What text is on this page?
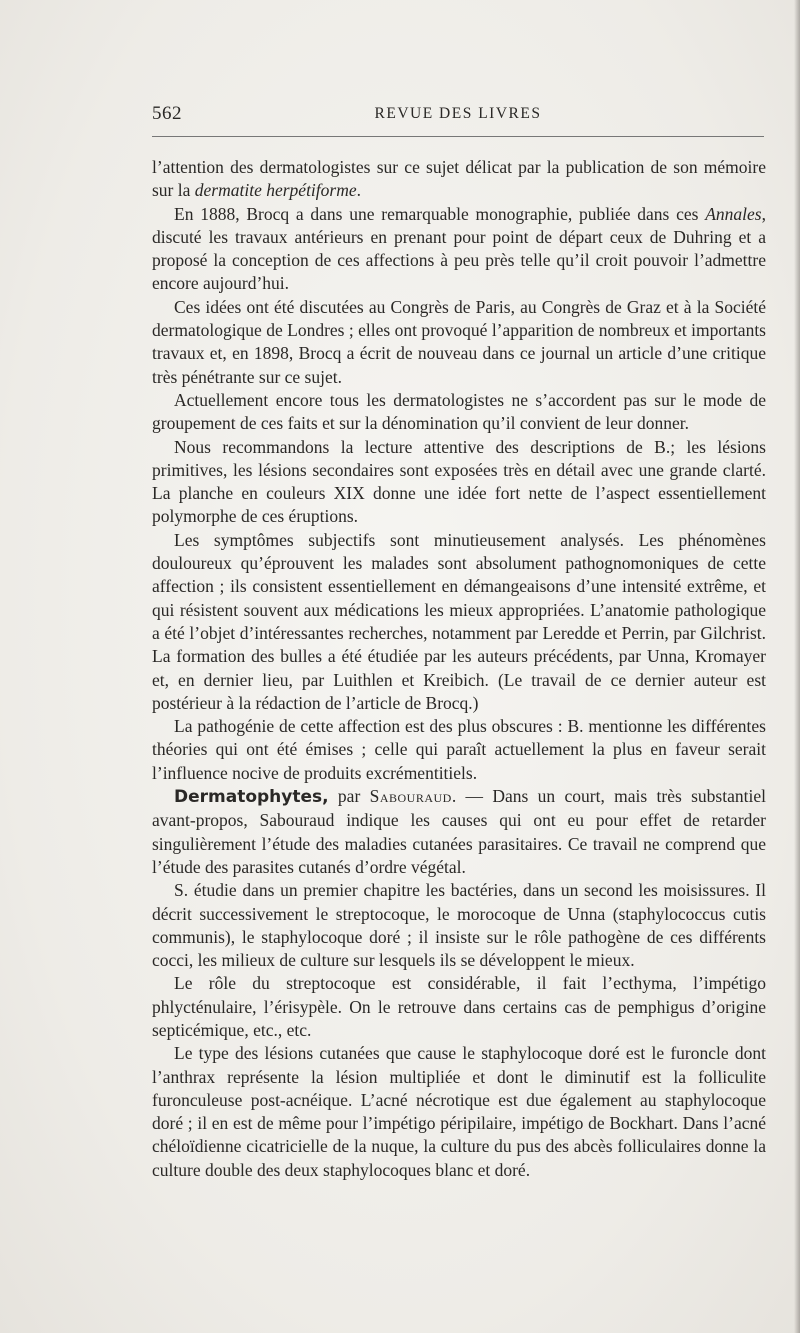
562	REVUE DES LIVRES

l’attention des dermatologistes sur ce sujet délicat par la publication de son mémoire sur la dermatite herpétiforme.

En 1888, Brocq a dans une remarquable monographie, publiée dans ces Annales, discuté les travaux antérieurs en prenant pour point de départ ceux de Duhring et a proposé la conception de ces affections à peu près telle qu’il croit pouvoir l’admettre encore aujourd’hui.

Ces idées ont été discutées au Congrès de Paris, au Congrès de Graz et à la Société dermatologique de Londres ; elles ont provoqué l’apparition de nombreux et importants travaux et, en 1898, Brocq a écrit de nouveau dans ce journal un article d’une critique très pénétrante sur ce sujet.

Actuellement encore tous les dermatologistes ne s’accordent pas sur le mode de groupement de ces faits et sur la dénomination qu’il convient de leur donner.

Nous recommandons la lecture attentive des descriptions de B.; les lésions primitives, les lésions secondaires sont exposées très en détail avec une grande clarté. La planche en couleurs XIX donne une idée fort nette de l’aspect essentiellement polymorphe de ces éruptions.

Les symptômes subjectifs sont minutieusement analysés. Les phénomènes douloureux qu’éprouvent les malades sont absolument pathognomoniques de cette affection ; ils consistent essentiellement en démangeaisons d’une intensité extrême, et qui résistent souvent aux médications les mieux appropriées. L’anatomie pathologique a été l’objet d’intéressantes recherches, notamment par Leredde et Perrin, par Gilchrist. La formation des bulles a été étudiée par les auteurs précédents, par Unna, Kromayer et, en dernier lieu, par Luithlen et Kreibich. (Le travail de ce dernier auteur est postérieur à la rédaction de l’article de Brocq.)

La pathogénie de cette affection est des plus obscures : B. mentionne les différentes théories qui ont été émises ; celle qui paraît actuellement la plus en faveur serait l’influence nocive de produits excrémentitiels.

Dermatophytes, par Sabouraud. — Dans un court, mais très substantiel avant-propos, Sabouraud indique les causes qui ont eu pour effet de retarder singulièrement l’étude des maladies cutanées parasitaires. Ce travail ne comprend que l’étude des parasites cutanés d’ordre végétal.

S. étudie dans un premier chapitre les bactéries, dans un second les moisissures. Il décrit successivement le streptocoque, le morocoque de Unna (staphylococcus cutis communis), le staphylocoque doré ; il insiste sur le rôle pathogène de ces différents cocci, les milieux de culture sur lesquels ils se développent le mieux.

Le rôle du streptocoque est considérable, il fait l’ecthyma, l’impétigo phlycténulaire, l’érisypèle. On le retrouve dans certains cas de pemphigus d’origine septicémique, etc., etc.

Le type des lésions cutanées que cause le staphylocoque doré est le furoncle dont l’anthrax représente la lésion multipliée et dont le diminutif est la folliculite furonculeuse post-acnéique. L’acné nécrotique est due également au staphylocoque doré ; il en est de même pour l’impétigo péripilaire, impétigo de Bockhart. Dans l’acné chéloïdienne cicatricielle de la nuque, la culture du pus des abcès folliculaires donne la culture double des deux staphylocoques blanc et doré.
